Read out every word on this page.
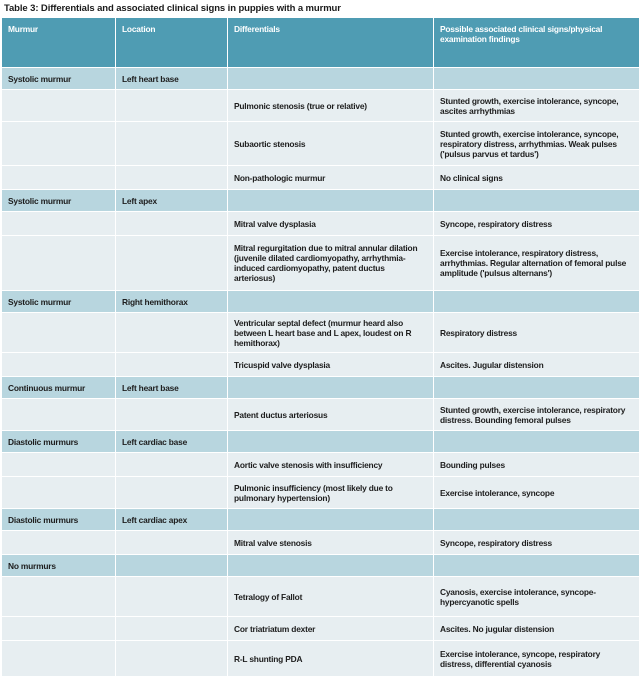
Table 3: Differentials and associated clinical signs in puppies with a murmur
Murmur	Location	Differentials	Possible associated clinical signs/physical examination findings
Systolic murmur	Left heart base		
		Pulmonic stenosis (true or relative)	Stunted growth, exercise intolerance, syncope, ascites arrhythmias
		Subaortic stenosis	Stunted growth, exercise intolerance, syncope, respiratory distress, arrhythmias. Weak pulses ('pulsus parvus et tardus')
		Non-pathologic murmur	No clinical signs
Systolic murmur	Left apex		
		Mitral valve dysplasia	Syncope, respiratory distress
		Mitral regurgitation due to mitral annular dilation (juvenile dilated cardiomyopathy, arrhythmia-induced cardiomyopathy, patent ductus arteriosus)	Exercise intolerance, respiratory distress, arrhythmias. Regular alternation of femoral pulse amplitude ('pulsus alternans')
Systolic murmur	Right hemithorax		
		Ventricular septal defect (murmur heard also between L heart base and L apex, loudest on R hemithorax)	Respiratory distress
		Tricuspid valve dysplasia	Ascites. Jugular distension
Continuous murmur	Left heart base		
		Patent ductus arteriosus	Stunted growth, exercise intolerance, respiratory distress. Bounding femoral pulses
Diastolic murmurs	Left cardiac base		
		Aortic valve stenosis with insufficiency	Bounding pulses
		Pulmonic insufficiency (most likely due to pulmonary hypertension)	Exercise intolerance, syncope
Diastolic murmurs	Left cardiac apex		
		Mitral valve stenosis	Syncope, respiratory distress
No murmurs			
		Tetralogy of Fallot	Cyanosis, exercise intolerance, syncope-hypercyanotic spells
		Cor triatriatum dexter	Ascites. No jugular distension
		R-L shunting PDA	Exercise intolerance, syncope, respiratory distress, differential cyanosis
